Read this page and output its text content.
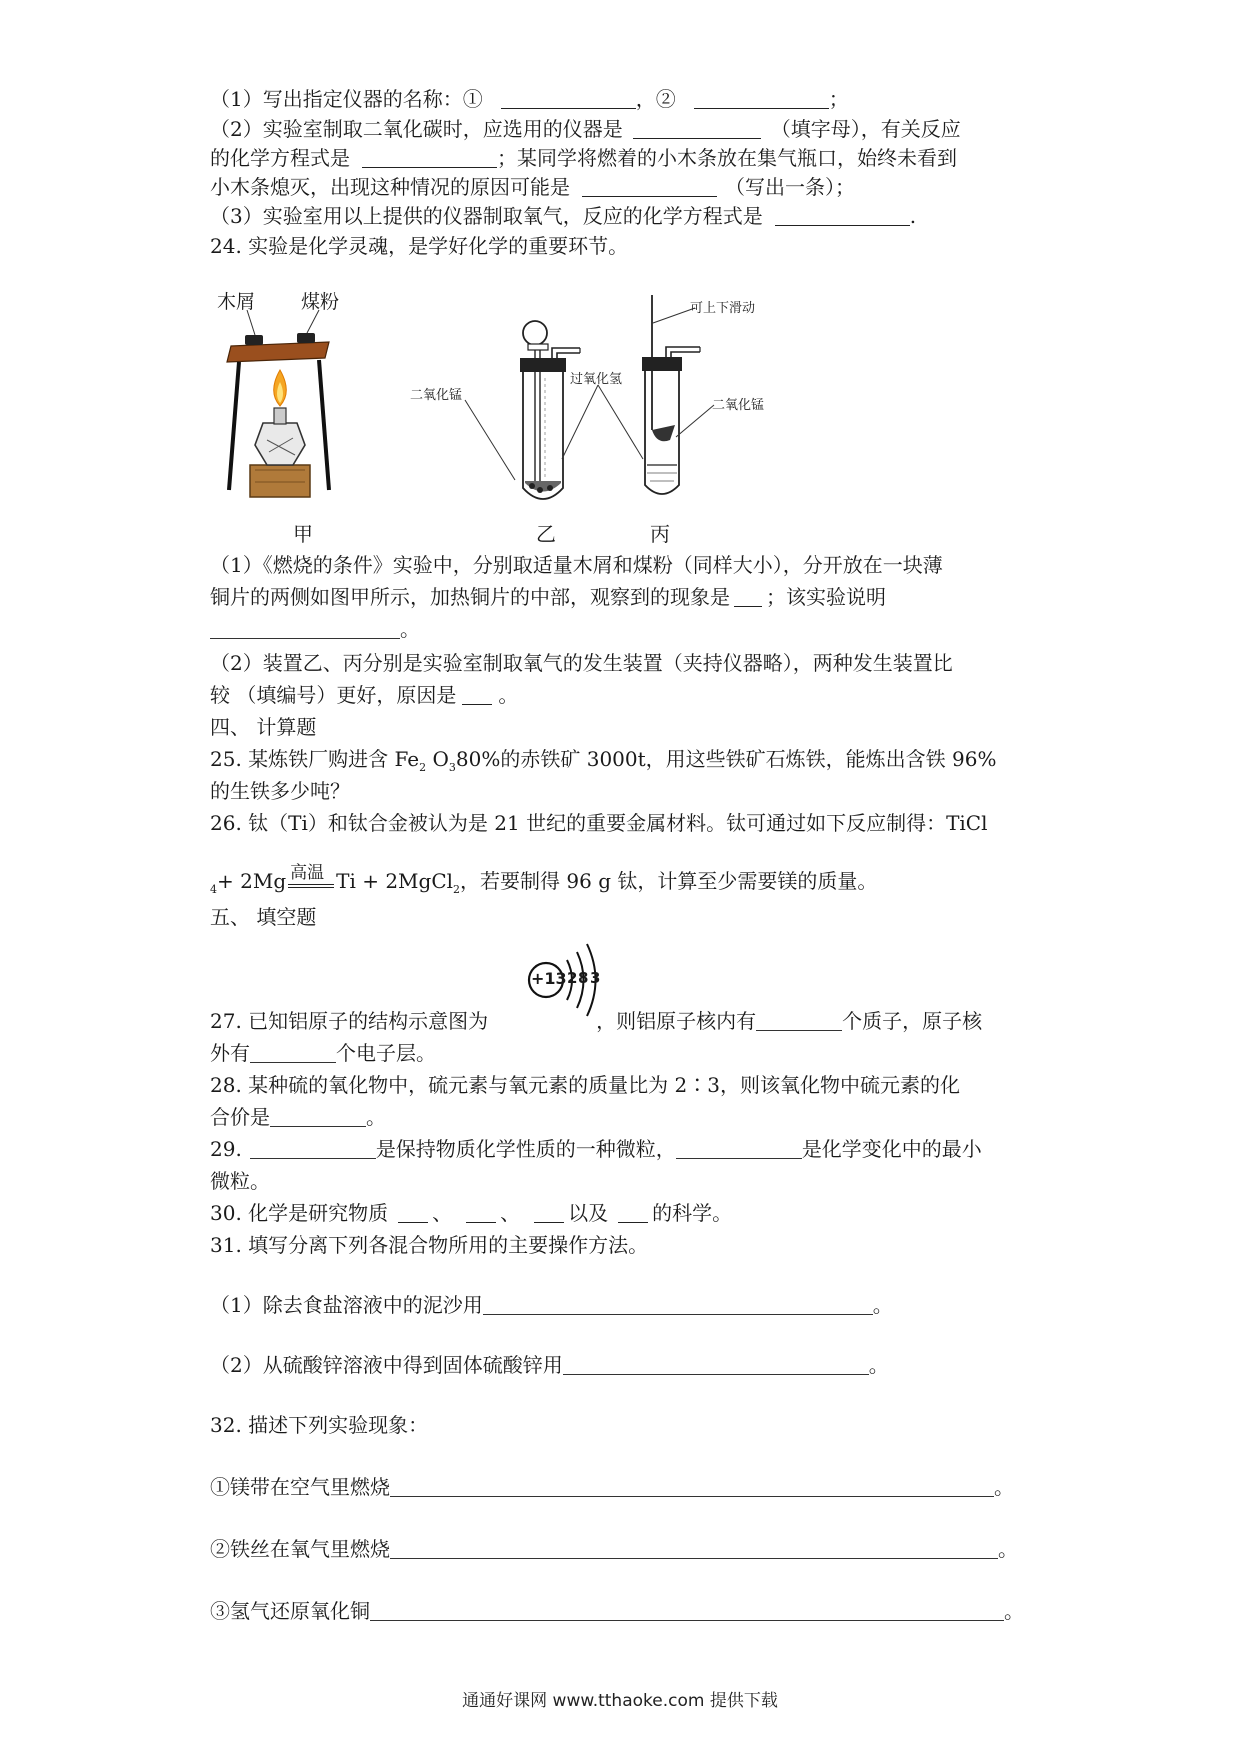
（1）写出指定仪器的名称：①	，②	；
（2）实验室制取二氧化碳时，应选用的仪器是	（填字母），有关反应
的化学方程式是	；某同学将燃着的小木条放在集气瓶口，始终未看到
小木条熄灭，出现这种情况的原因可能是	（写出一条）；
（3）实验室用以上提供的仪器制取氧气，反应的化学方程式是	.
24. 实验是化学灵魂，是学好化学的重要环节。
木屑 煤粉
甲
二氧化锰
过氧化氢
乙
可上下滑动
二氧化锰
丙
（1）《燃烧的条件》实验中，分别取适量木屑和煤粉（同样大小），分开放在一块薄
铜片的两侧如图甲所示，加热铜片的中部，观察到的现象是 ；该实验说明
。
（2）装置乙、丙分别是实验室制取氧气的发生装置（夹持仪器略），两种发生装置比
较 （填编号）更好，原因是 。
四、 计算题
25. 某炼铁厂购进含 $Fe_2$ $O_380\%$的赤铁矿 3000t，用这些铁矿石炼铁，能炼出含铁 96%
的生铁多少吨？
26. 钛（Ti）和钛合金被认为是 21 世纪的重要金属材料。钛可通过如下反应制得：TiCl
$_4$+ 2Mg 高温 Ti + 2MgCl$_2$，若要制得 96 g 钛，计算至少需要镁的质量。
五、 填空题
+13 2 8 3
27. 已知铝原子的结构示意图为	，则铝原子核内有	个质子，原子核
外有	个电子层。
28. 某种硫的氧化物中，硫元素与氧元素的质量比为 2∶3，则该氧化物中硫元素的化
合价是	。
29.	是保持物质化学性质的一种微粒，	是化学变化中的最小
微粒。
30. 化学是研究物质 、 、 以及 的科学。
31. 填写分离下列各混合物所用的主要操作方法。
（1）除去食盐溶液中的泥沙用	。
（2）从硫酸锌溶液中得到固体硫酸锌用	。
32. 描述下列实验现象：
①镁带在空气里燃烧	。
②铁丝在氧气里燃烧	。
③氢气还原氧化铜	。
通通好课网 www.tthaoke.com 提供下载
